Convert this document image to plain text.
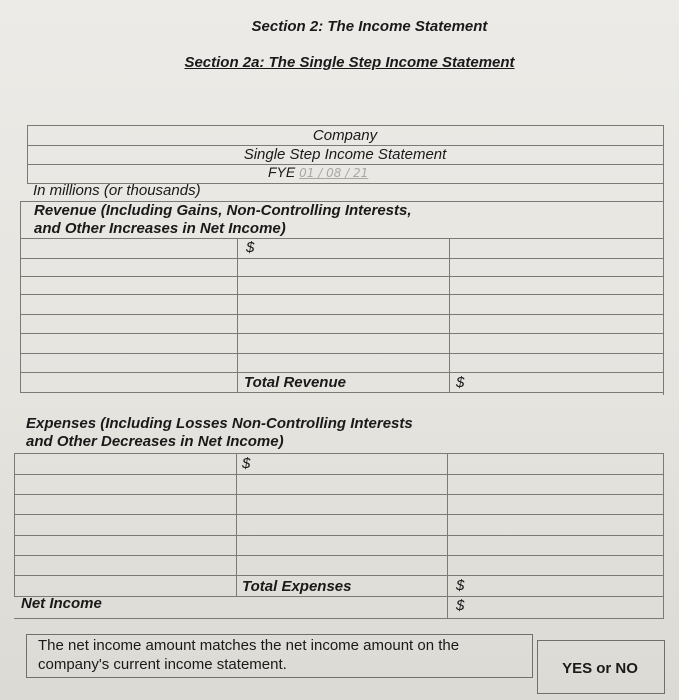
Section 2: The Income Statement
Section 2a: The Single Step Income Statement
Company
Single Step Income Statement
FYE 01 / 08 / 21
In millions (or thousands)
Revenue (Including Gains, Non-Controlling Interests,
and Other Increases in Net Income)
$
Total Revenue	$
Expenses (Including Losses Non-Controlling Interests
and Other Decreases in Net Income)
$
Total Expenses	$
Net Income	$
The net income amount matches the net income amount on the
company's current income statement.	YES or NO
